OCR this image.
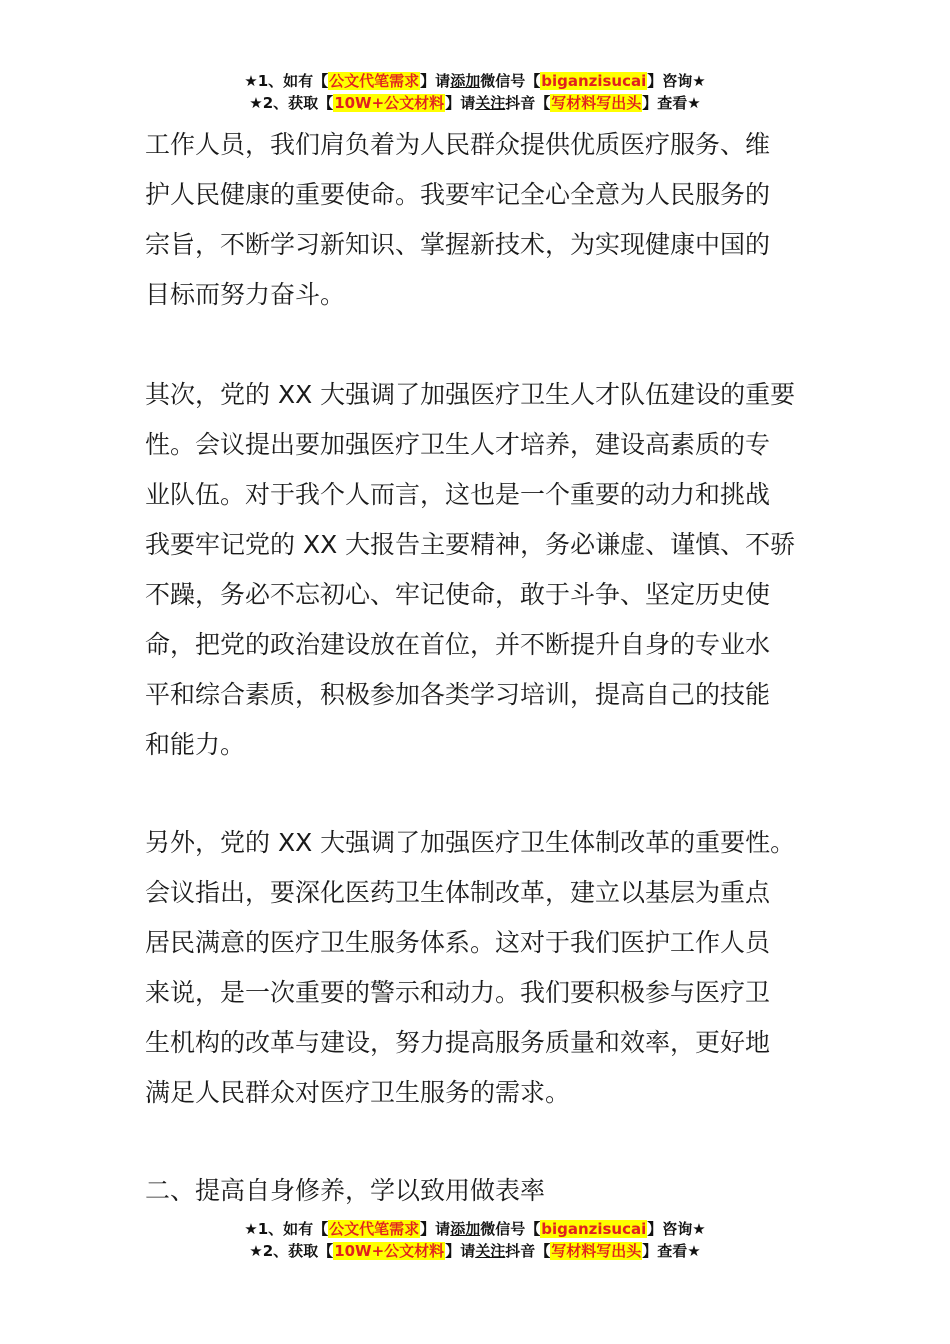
★1、如有【公文代笔需求】请添加微信号【biganzisucai】咨询★
★2、获取【10W+公文材料】请关注抖音【写材料写出头】查看★

工作人员，我们肩负着为人民群众提供优质医疗服务、维
护人民健康的重要使命。我要牢记全心全意为人民服务的
宗旨，不断学习新知识、掌握新技术，为实现健康中国的
目标而努力奋斗。

其次，党的 XX 大强调了加强医疗卫生人才队伍建设的重要
性。会议提出要加强医疗卫生人才培养，建设高素质的专
业队伍。对于我个人而言，这也是一个重要的动力和挑战
我要牢记党的 XX 大报告主要精神，务必谦虚、谨慎、不骄
不躁，务必不忘初心、牢记使命，敢于斗争、坚定历史使
命，把党的政治建设放在首位，并不断提升自身的专业水
平和综合素质，积极参加各类学习培训，提高自己的技能
和能力。

另外，党的 XX 大强调了加强医疗卫生体制改革的重要性。
会议指出，要深化医药卫生体制改革，建立以基层为重点
居民满意的医疗卫生服务体系。这对于我们医护工作人员
来说，是一次重要的警示和动力。我们要积极参与医疗卫
生机构的改革与建设，努力提高服务质量和效率，更好地
满足人民群众对医疗卫生服务的需求。

二、提高自身修养，学以致用做表率

★1、如有【公文代笔需求】请添加微信号【biganzisucai】咨询★
★2、获取【10W+公文材料】请关注抖音【写材料写出头】查看★
